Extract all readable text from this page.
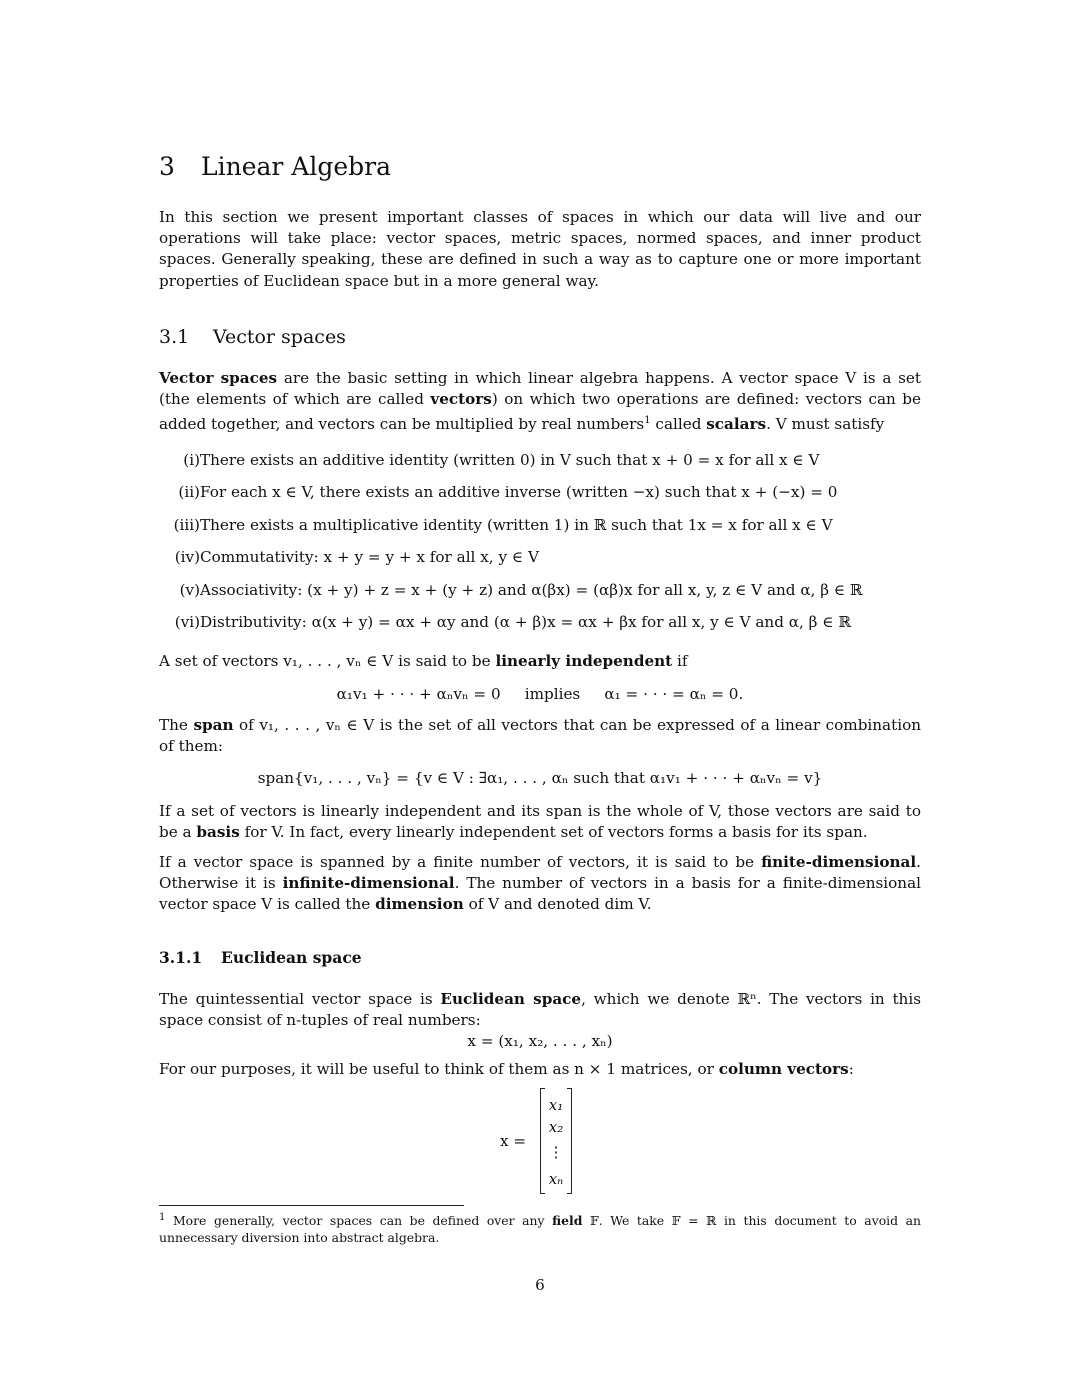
3 Linear Algebra
In this section we present important classes of spaces in which our data will live and our operations will take place: vector spaces, metric spaces, normed spaces, and inner product spaces. Generally speaking, these are defined in such a way as to capture one or more important properties of Euclidean space but in a more general way.
3.1 Vector spaces
Vector spaces are the basic setting in which linear algebra happens. A vector space V is a set (the elements of which are called vectors) on which two operations are defined: vectors can be added together, and vectors can be multiplied by real numbers$^1$ called scalars. V must satisfy
(i) There exists an additive identity (written 0) in V such that x + 0 = x for all x ∈ V
(ii) For each x ∈ V, there exists an additive inverse (written −x) such that x + (−x) = 0
(iii) There exists a multiplicative identity (written 1) in ℝ such that 1x = x for all x ∈ V
(iv) Commutativity: x + y = y + x for all x, y ∈ V
(v) Associativity: (x + y) + z = x + (y + z) and α(βx) = (αβ)x for all x, y, z ∈ V and α, β ∈ ℝ
(vi) Distributivity: α(x + y) = αx + αy and (α + β)x = αx + βx for all x, y ∈ V and α, β ∈ ℝ
A set of vectors v₁, . . . , vₙ ∈ V is said to be linearly independent if
α₁v₁ + · · · + αₙvₙ = 0     implies     α₁ = · · · = αₙ = 0.
The span of v₁, . . . , vₙ ∈ V is the set of all vectors that can be expressed of a linear combination of them:
span{v₁, . . . , vₙ} = {v ∈ V : ∃α₁, . . . , αₙ such that α₁v₁ + · · · + αₙvₙ = v}
If a set of vectors is linearly independent and its span is the whole of V, those vectors are said to be a basis for V. In fact, every linearly independent set of vectors forms a basis for its span.
If a vector space is spanned by a finite number of vectors, it is said to be finite-dimensional. Otherwise it is infinite-dimensional. The number of vectors in a basis for a finite-dimensional vector space V is called the dimension of V and denoted dim V.
3.1.1 Euclidean space
The quintessential vector space is Euclidean space, which we denote ℝⁿ. The vectors in this space consist of n-tuples of real numbers:
x = (x₁, x₂, . . . , xₙ)
For our purposes, it will be useful to think of them as n × 1 matrices, or column vectors:
x =
x₁
x₂
⋮
xₙ
$^1$ More generally, vector spaces can be defined over any field 𝔽. We take 𝔽 = ℝ in this document to avoid an unnecessary diversion into abstract algebra.
6
